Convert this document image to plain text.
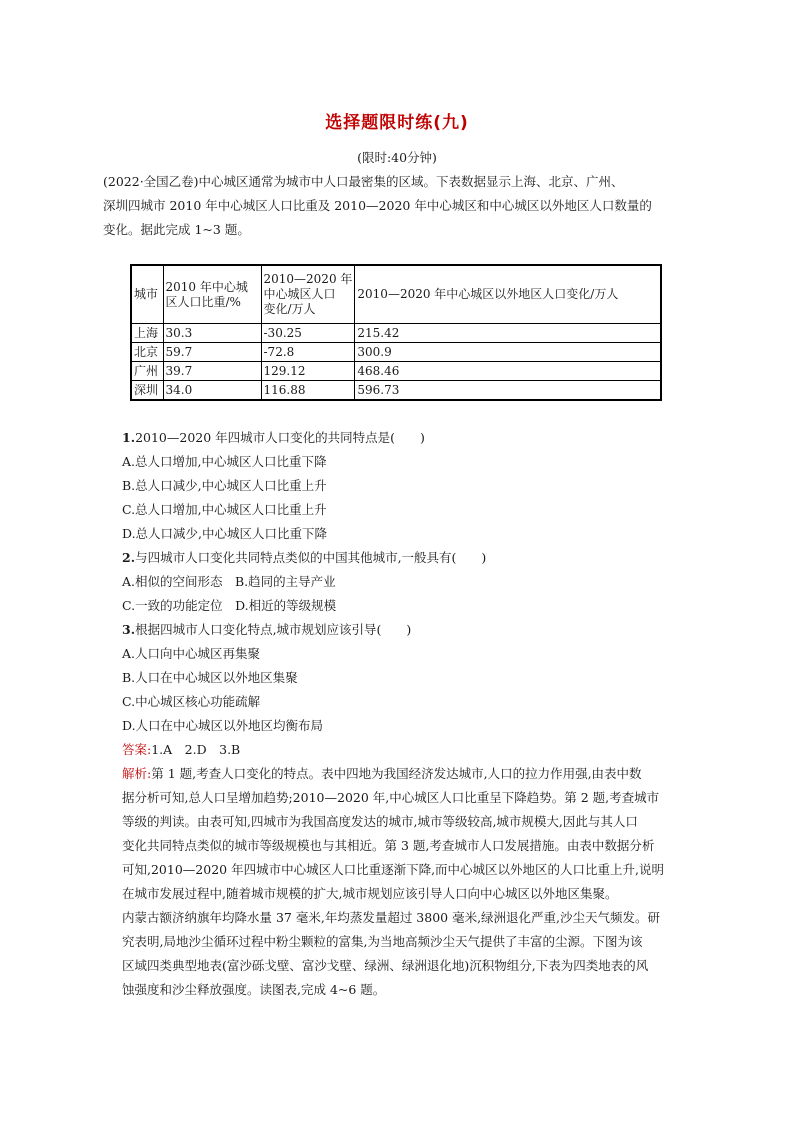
选择题限时练(九)
(限时:40分钟)
(2022·全国乙卷)中心城区通常为城市中人口最密集的区域。下表数据显示上海、北京、广州、
深圳四城市 2010 年中心城区人口比重及 2010—2020 年中心城区和中心城区以外地区人口数量的
变化。据此完成 1~3 题。
城市	2010 年中心城
区人口比重/%	2010—2020 年
中心城区人口
变化/万人	2010—2020 年中心城区以外地区人口变化/万人
上海	30.3	-30.25	215.42
北京	59.7	-72.8	300.9
广州	39.7	129.12	468.46
深圳	34.0	116.88	596.73
1.2010—2020 年四城市人口变化的共同特点是(　　)
A.总人口增加,中心城区人口比重下降
B.总人口减少,中心城区人口比重上升
C.总人口增加,中心城区人口比重上升
D.总人口减少,中心城区人口比重下降
2.与四城市人口变化共同特点类似的中国其他城市,一般具有(　　)
A.相似的空间形态　B.趋同的主导产业
C.一致的功能定位　D.相近的等级规模
3.根据四城市人口变化特点,城市规划应该引导(　　)
A.人口向中心城区再集聚
B.人口在中心城区以外地区集聚
C.中心城区核心功能疏解
D.人口在中心城区以外地区均衡布局
答案:1.A　2.D　3.B
解析:第 1 题,考查人口变化的特点。表中四地为我国经济发达城市,人口的拉力作用强,由表中数
据分析可知,总人口呈增加趋势;2010—2020 年,中心城区人口比重呈下降趋势。第 2 题,考查城市
等级的判读。由表可知,四城市为我国高度发达的城市,城市等级较高,城市规模大,因此与其人口
变化共同特点类似的城市等级规模也与其相近。第 3 题,考查城市人口发展措施。由表中数据分析
可知,2010—2020 年四城市中心城区人口比重逐渐下降,而中心城区以外地区的人口比重上升,说明
在城市发展过程中,随着城市规模的扩大,城市规划应该引导人口向中心城区以外地区集聚。
内蒙古额济纳旗年均降水量 37 毫米,年均蒸发量超过 3800 毫米,绿洲退化严重,沙尘天气频发。研
究表明,局地沙尘循环过程中粉尘颗粒的富集,为当地高频沙尘天气提供了丰富的尘源。下图为该
区域四类典型地表(富沙砾戈壁、富沙戈壁、绿洲、绿洲退化地)沉积物组分,下表为四类地表的风
蚀强度和沙尘释放强度。读图表,完成 4~6 题。
